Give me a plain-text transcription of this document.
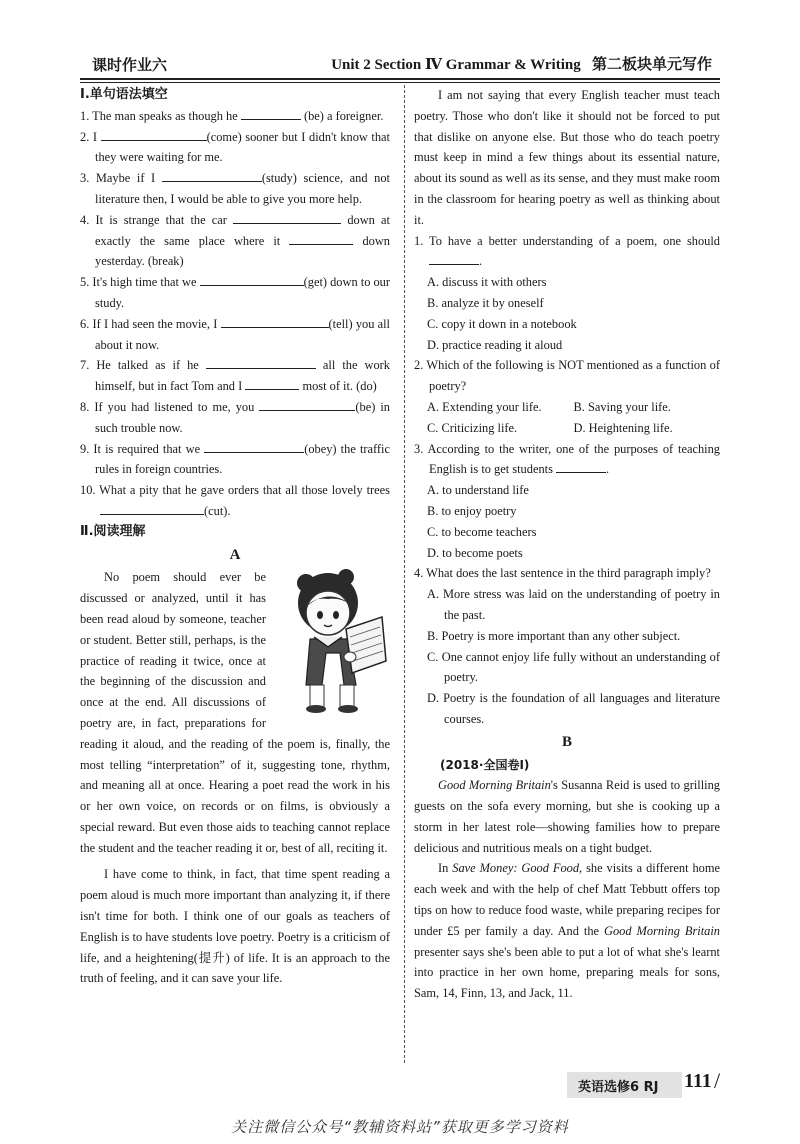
课时作业六	Unit 2 Section Ⅳ Grammar & Writing 第二板块单元写作

Ⅰ.单句语法填空

1. The man speaks as though he	(be) a foreigner.

2. I	(come) sooner but I didn't know that they were waiting for me.

3. Maybe if I	(study) science, and not literature then, I would be able to give you more help.

4. It is strange that the car	down at exactly the same place where it	down yesterday. (break)

5. It's high time that we	(get) down to our study.

6. If I had seen the movie, I	(tell) you all about it now.

7. He talked as if he	all the work himself, but in fact Tom and I	most of it. (do)

8. If you had listened to me, you	(be) in such trouble now.

9. It is required that we	(obey) the traffic rules in foreign countries.

10. What a pity that he gave orders that all those lovely trees (cut).

Ⅱ.阅读理解

A

No poem should ever be discussed or analyzed, until it has been read aloud by someone, teacher or student. Better still, perhaps, is the practice of reading it twice, once at the beginning of the discussion and once at the end. All discussions of poetry are, in fact, preparations for reading it aloud, and the reading of the poem is, finally, the most telling “interpretation” of it, suggesting tone, rhythm, and meaning all at once. Hearing a poet read the work in his or her own voice, on records or on films, is obviously a special reward. But even those aids to teaching cannot replace the student and the teacher reading it or, best of all, reciting it.

I have come to think, in fact, that time spent reading a poem aloud is much more important than analyzing it, if there isn't time for both. I think one of our goals as teachers of English is to have students love poetry. Poetry is a criticism of life, and a heightening(提升) of life. It is an approach to the truth of feeling, and it can save your life.

I am not saying that every English teacher must teach poetry. Those who don't like it should not be forced to put that dislike on anyone else. But those who do teach poetry must keep in mind a few things about its essential nature, about its sound as well as its sense, and they must make room in the classroom for hearing poetry as well as thinking about it.

1. To have a better understanding of a poem, one should .

A. discuss it with others

B. analyze it by oneself

C. copy it down in a notebook

D. practice reading it aloud

2. Which of the following is NOT mentioned as a function of poetry?

A. Extending your life.	B. Saving your life.

C. Criticizing life.	D. Heightening life.

3. According to the writer, one of the purposes of teaching English is to get students	.

A. to understand life

B. to enjoy poetry

C. to become teachers

D. to become poets

4. What does the last sentence in the third paragraph imply?

A. More stress was laid on the understanding of poetry in the past.

B. Poetry is more important than any other subject.

C. One cannot enjoy life fully without an understanding of poetry.

D. Poetry is the foundation of all languages and literature courses.

B

(2018·全国卷Ⅰ)

Good Morning Britain's Susanna Reid is used to grilling guests on the sofa every morning, but she is cooking up a storm in her latest role—showing families how to prepare delicious and nutritious meals on a tight budget.

In Save Money: Good Food, she visits a different home each week and with the help of chef Matt Tebbutt offers top tips on how to reduce food waste, while preparing recipes for under £5 per family a day. And the Good Morning Britain presenter says she's been able to put a lot of what she's learnt into practice in her own home, preparing meals for sons, Sam, 14, Finn, 13, and Jack, 11.

英语选修6 RJ 111 /
关注微信公众号“教辅资料站”获取更多学习资料
